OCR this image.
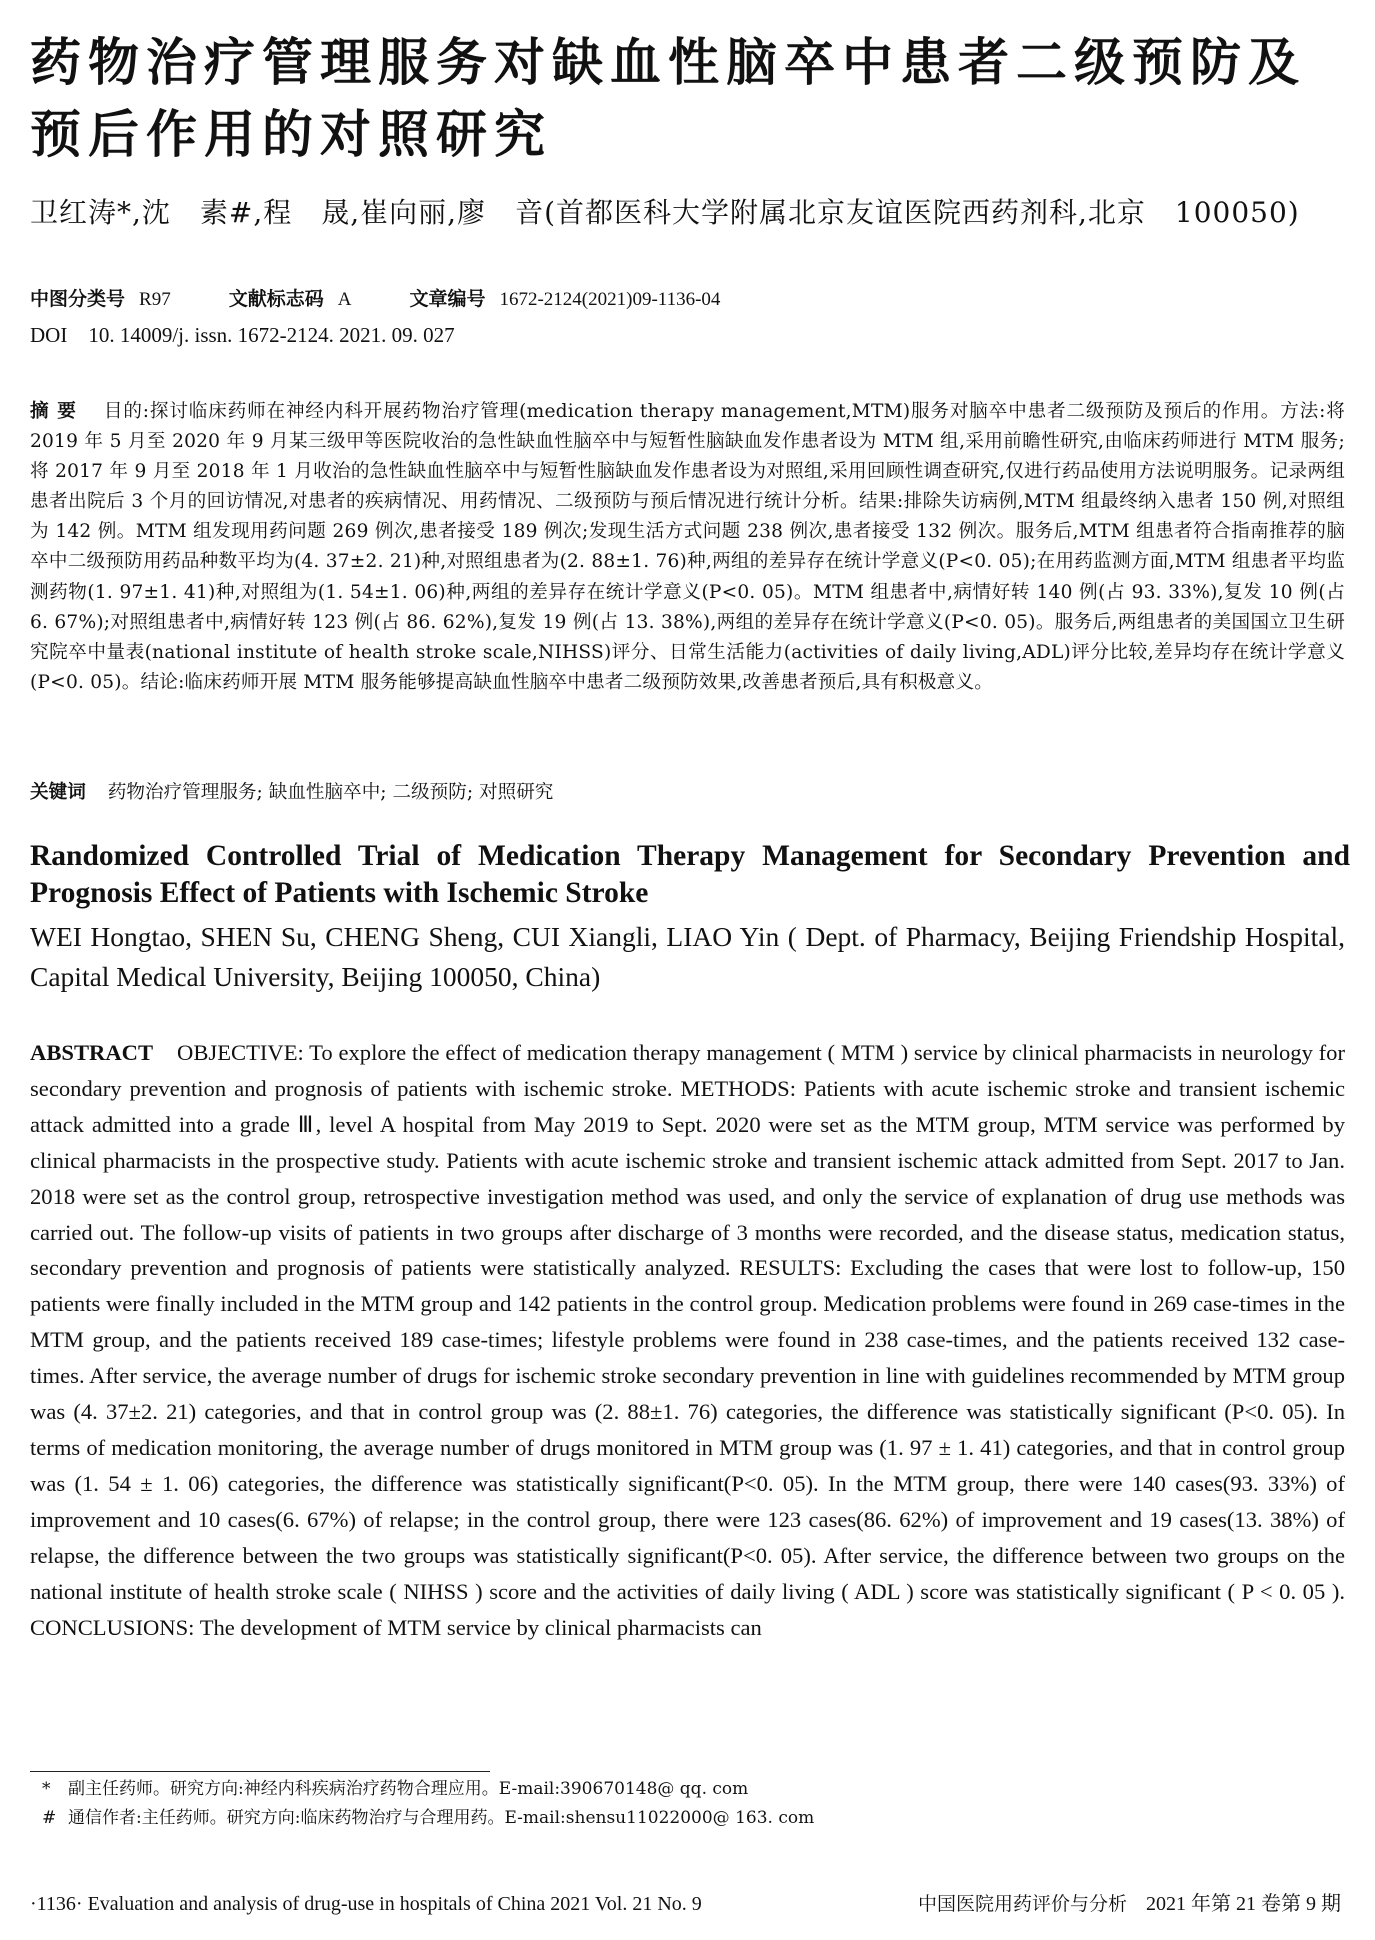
药物治疗管理服务对缺血性脑卒中患者二级预防及预后作用的对照研究
卫红涛*,沈　素#,程　晟,崔向丽,廖　音(首都医科大学附属北京友谊医院西药剂科,北京　100050)
中图分类号 R97	文献标志码 A	文章编号 1672-2124(2021)09-1136-04
DOI　10. 14009/j. issn. 1672-2124. 2021. 09. 027
摘要　 目的:探讨临床药师在神经内科开展药物治疗管理(medication therapy management,MTM)服务对脑卒中患者二级预防及预后的作用。方法:将 2019 年 5 月至 2020 年 9 月某三级甲等医院收治的急性缺血性脑卒中与短暂性脑缺血发作患者设为 MTM 组,采用前瞻性研究,由临床药师进行 MTM 服务;将 2017 年 9 月至 2018 年 1 月收治的急性缺血性脑卒中与短暂性脑缺血发作患者设为对照组,采用回顾性调查研究,仅进行药品使用方法说明服务。记录两组患者出院后 3 个月的回访情况,对患者的疾病情况、用药情况、二级预防与预后情况进行统计分析。结果:排除失访病例,MTM 组最终纳入患者 150 例,对照组为 142 例。MTM 组发现用药问题 269 例次,患者接受 189 例次;发现生活方式问题 238 例次,患者接受 132 例次。服务后,MTM 组患者符合指南推荐的脑卒中二级预防用药品种数平均为(4. 37±2. 21)种,对照组患者为(2. 88±1. 76)种,两组的差异存在统计学意义(P<0. 05);在用药监测方面,MTM 组患者平均监测药物(1. 97±1. 41)种,对照组为(1. 54±1. 06)种,两组的差异存在统计学意义(P<0. 05)。MTM 组患者中,病情好转 140 例(占 93. 33%),复发 10 例(占 6. 67%);对照组患者中,病情好转 123 例(占 86. 62%),复发 19 例(占 13. 38%),两组的差异存在统计学意义(P<0. 05)。服务后,两组患者的美国国立卫生研究院卒中量表(national institute of health stroke scale,NIHSS)评分、日常生活能力(activities of daily living,ADL)评分比较,差异均存在统计学意义(P<0. 05)。结论:临床药师开展 MTM 服务能够提高缺血性脑卒中患者二级预防效果,改善患者预后,具有积极意义。
关键词 药物治疗管理服务; 缺血性脑卒中; 二级预防; 对照研究
Randomized Controlled Trial of Medication Therapy Management for Secondary Prevention and Prognosis Effect of Patients with Ischemic Stroke
WEI Hongtao, SHEN Su, CHENG Sheng, CUI Xiangli, LIAO Yin ( Dept. of Pharmacy, Beijing Friendship Hospital, Capital Medical University, Beijing 100050, China)
ABSTRACT OBJECTIVE: To explore the effect of medication therapy management ( MTM ) service by clinical pharmacists in neurology for secondary prevention and prognosis of patients with ischemic stroke. METHODS: Patients with acute ischemic stroke and transient ischemic attack admitted into a grade Ⅲ, level A hospital from May 2019 to Sept. 2020 were set as the MTM group, MTM service was performed by clinical pharmacists in the prospective study. Patients with acute ischemic stroke and transient ischemic attack admitted from Sept. 2017 to Jan. 2018 were set as the control group, retrospective investigation method was used, and only the service of explanation of drug use methods was carried out. The follow-up visits of patients in two groups after discharge of 3 months were recorded, and the disease status, medication status, secondary prevention and prognosis of patients were statistically analyzed. RESULTS: Excluding the cases that were lost to follow-up, 150 patients were finally included in the MTM group and 142 patients in the control group. Medication problems were found in 269 case-times in the MTM group, and the patients received 189 case-times; lifestyle problems were found in 238 case-times, and the patients received 132 case-times. After service, the average number of drugs for ischemic stroke secondary prevention in line with guidelines recommended by MTM group was (4. 37±2. 21) categories, and that in control group was (2. 88±1. 76) categories, the difference was statistically significant (P<0. 05). In terms of medication monitoring, the average number of drugs monitored in MTM group was (1. 97 ± 1. 41) categories, and that in control group was (1. 54 ± 1. 06) categories, the difference was statistically significant(P<0. 05). In the MTM group, there were 140 cases(93. 33%) of improvement and 10 cases(6. 67%) of relapse; in the control group, there were 123 cases(86. 62%) of improvement and 19 cases(13. 38%) of relapse, the difference between the two groups was statistically significant(P<0. 05). After service, the difference between two groups on the national institute of health stroke scale ( NIHSS ) score and the activities of daily living ( ADL ) score was statistically significant ( P < 0. 05 ). CONCLUSIONS: The development of MTM service by clinical pharmacists can
* 副主任药师。研究方向:神经内科疾病治疗药物合理应用。E-mail:390670148@ qq. com
# 通信作者:主任药师。研究方向:临床药物治疗与合理用药。E-mail:shensu11022000@ 163. com
·1136· Evaluation and analysis of drug-use in hospitals of China 2021 Vol. 21 No. 9	中国医院用药评价与分析　 2021 年第 21 卷第 9 期
